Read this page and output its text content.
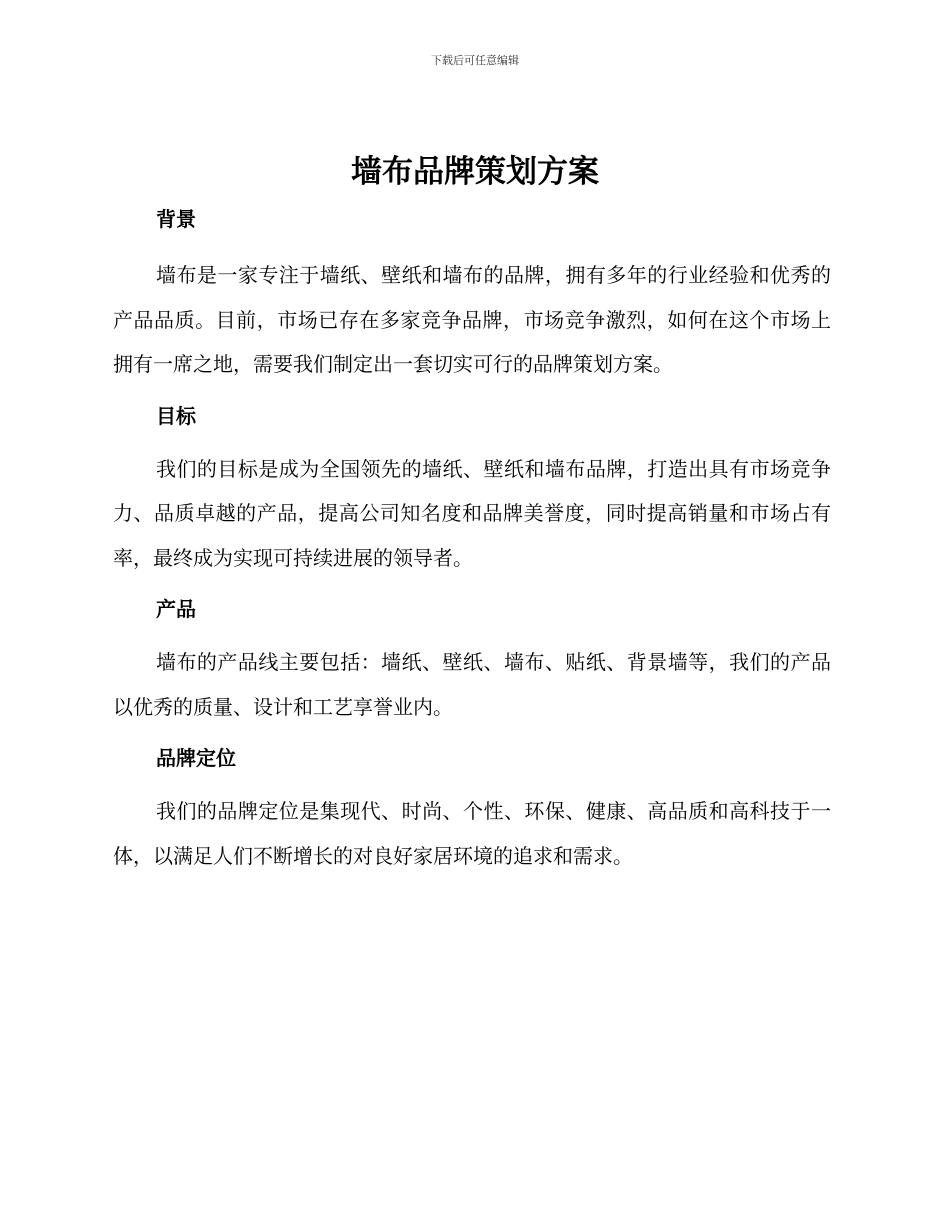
下载后可任意编辑
墙布品牌策划方案
背景

墙布是一家专注于墙纸、壁纸和墙布的品牌，拥有多年的行业经验和优秀的产品品质。目前，市场已存在多家竞争品牌，市场竞争激烈，如何在这个市场上拥有一席之地，需要我们制定出一套切实可行的品牌策划方案。

目标

我们的目标是成为全国领先的墙纸、壁纸和墙布品牌，打造出具有市场竞争力、品质卓越的产品，提高公司知名度和品牌美誉度，同时提高销量和市场占有率，最终成为实现可持续进展的领导者。

产品

墙布的产品线主要包括：墙纸、壁纸、墙布、贴纸、背景墙等，我们的产品以优秀的质量、设计和工艺享誉业内。

品牌定位

我们的品牌定位是集现代、时尚、个性、环保、健康、高品质和高科技于一体，以满足人们不断增长的对良好家居环境的追求和需求。
